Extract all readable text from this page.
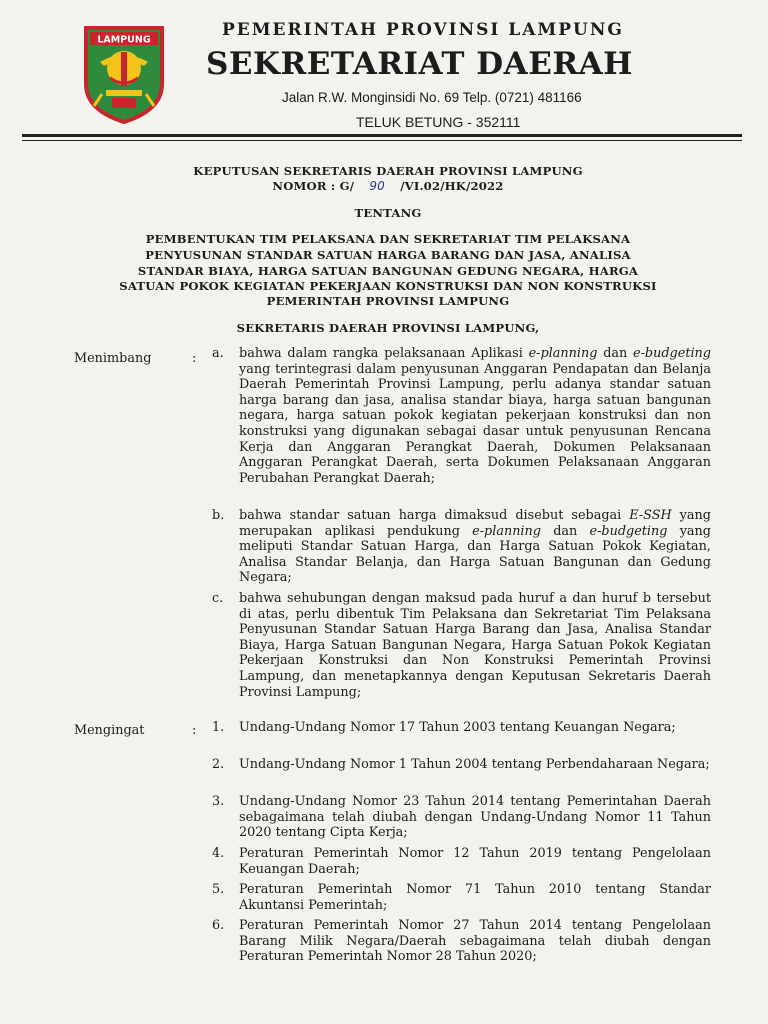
LAMPUNG	PEMERINTAH PROVINSI LAMPUNG
SEKRETARIAT DAERAH
Jalan R.W. Monginsidi No. 69 Telp. (0721) 481166
TELUK BETUNG - 352111
KEPUTUSAN SEKRETARIS DAERAH PROVINSI LAMPUNG
NOMOR : G/ 90 /VI.02/HK/2022
TENTANG
PEMBENTUKAN TIM PELAKSANA DAN SEKRETARIAT TIM PELAKSANA
PENYUSUNAN STANDAR SATUAN HARGA BARANG DAN JASA, ANALISA
STANDAR BIAYA, HARGA SATUAN BANGUNAN GEDUNG NEGARA, HARGA
SATUAN POKOK KEGIATAN PEKERJAAN KONSTRUKSI DAN NON KONSTRUKSI
PEMERINTAH PROVINSI LAMPUNG
SEKRETARIS DAERAH PROVINSI LAMPUNG,
Menimbang	: a. bahwa dalam rangka pelaksanaan Aplikasi e-planning dan e-budgeting yang terintegrasi dalam penyusunan Anggaran Pendapatan dan Belanja Daerah Pemerintah Provinsi Lampung, perlu adanya standar satuan harga barang dan jasa, analisa standar biaya, harga satuan bangunan negara, harga satuan pokok kegiatan pekerjaan konstruksi dan non konstruksi yang digunakan sebagai dasar untuk penyusunan Rencana Kerja dan Anggaran Perangkat Daerah, Dokumen Pelaksanaan Anggaran Perangkat Daerah, serta Dokumen Pelaksanaan Anggaran Perubahan Perangkat Daerah;
b. bahwa standar satuan harga dimaksud disebut sebagai E-SSH yang merupakan aplikasi pendukung e-planning dan e-budgeting yang meliputi Standar Satuan Harga, dan Harga Satuan Pokok Kegiatan, Analisa Standar Belanja, dan Harga Satuan Bangunan dan Gedung Negara;
c. bahwa sehubungan dengan maksud pada huruf a dan huruf b tersebut di atas, perlu dibentuk Tim Pelaksana dan Sekretariat Tim Pelaksana Penyusunan Standar Satuan Harga Barang dan Jasa, Analisa Standar Biaya, Harga Satuan Bangunan Negara, Harga Satuan Pokok Kegiatan Pekerjaan Konstruksi dan Non Konstruksi Pemerintah Provinsi Lampung, dan menetapkannya dengan Keputusan Sekretaris Daerah Provinsi Lampung;
Mengingat	: 1. Undang-Undang Nomor 17 Tahun 2003 tentang Keuangan Negara;
2. Undang-Undang Nomor 1 Tahun 2004 tentang Perbendaharaan Negara;
3. Undang-Undang Nomor 23 Tahun 2014 tentang Pemerintahan Daerah sebagaimana telah diubah dengan Undang-Undang Nomor 11 Tahun 2020 tentang Cipta Kerja;
4. Peraturan Pemerintah Nomor 12 Tahun 2019 tentang Pengelolaan Keuangan Daerah;
5. Peraturan Pemerintah Nomor 71 Tahun 2010 tentang Standar Akuntansi Pemerintah;
6. Peraturan Pemerintah Nomor 27 Tahun 2014 tentang Pengelolaan Barang Milik Negara/Daerah sebagaimana telah diubah dengan Peraturan Pemerintah Nomor 28 Tahun 2020;
